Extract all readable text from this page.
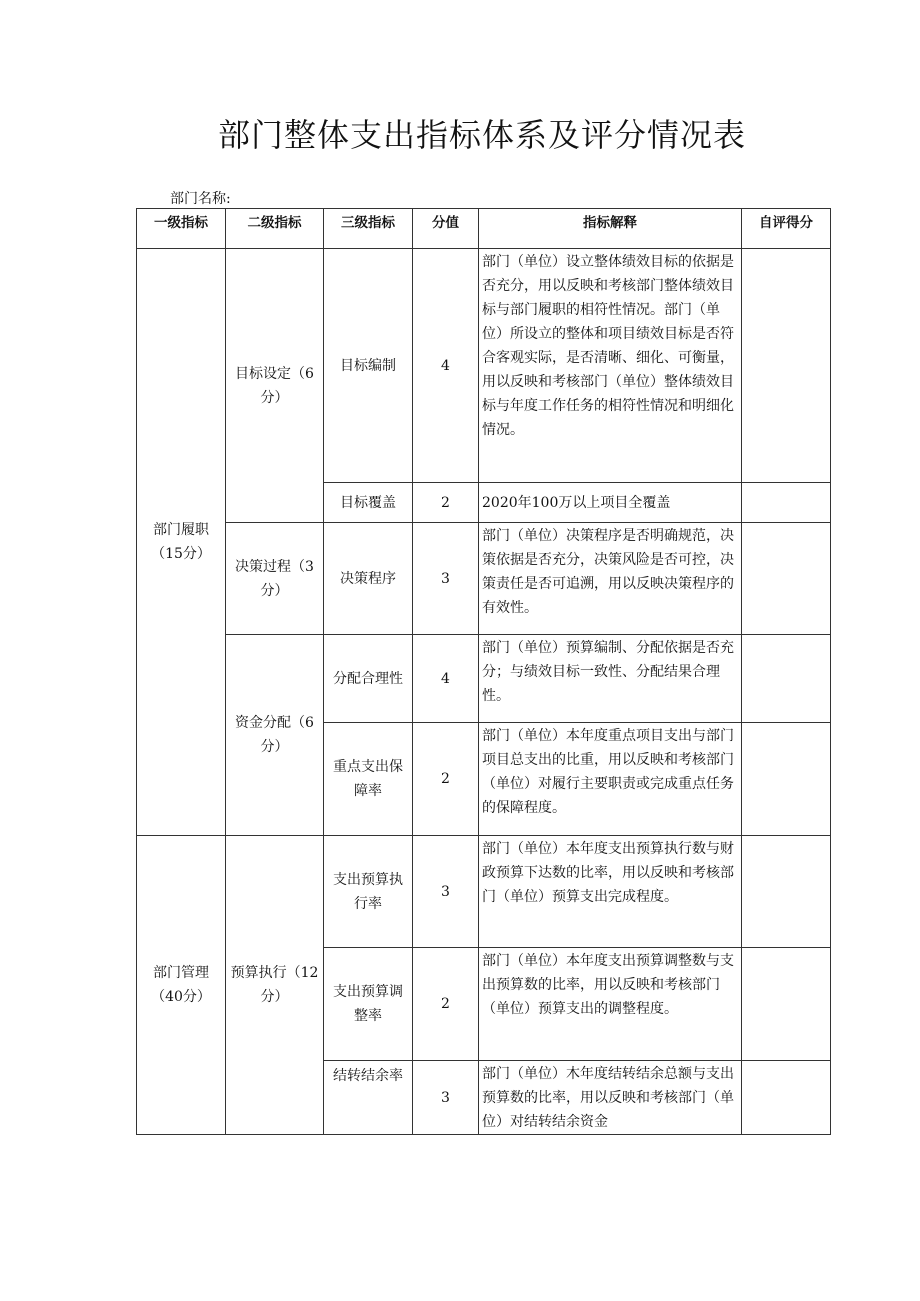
部门整体支出指标体系及评分情况表
部门名称:
一级指标	二级指标	三级指标	分值	指标解释	自评得分
部门履职（15分）	目标设定（6分）	目标编制	4	部门（单位）设立整体绩效目标的依据是否充分，用以反映和考核部门整体绩效目标与部门履职的相符性情况。部门（单位）所设立的整体和项目绩效目标是否符合客观实际，是否清晰、细化、可衡量，用以反映和考核部门（单位）整体绩效目标与年度工作任务的相符性情况和明细化情况。	
		目标覆盖	2	2020年100万以上项目全覆盖	
	决策过程（3分）	决策程序	3	部门（单位）决策程序是否明确规范，决策依据是否充分，决策风险是否可控，决策责任是否可追溯，用以反映决策程序的有效性。	
	资金分配（6分）	分配合理性	4	部门（单位）预算编制、分配依据是否充分；与绩效目标一致性、分配结果合理性。	
		重点支出保障率	2	部门（单位）本年度重点项目支出与部门项目总支出的比重，用以反映和考核部门（单位）对履行主要职责或完成重点任务的保障程度。	
部门管理（40分）	预算执行（12分）	支出预算执行率	3	部门（单位）本年度支出预算执行数与财政预算下达数的比率，用以反映和考核部门（单位）预算支出完成程度。	
		支出预算调整率	2	部门（单位）本年度支出预算调整数与支出预算数的比率，用以反映和考核部门（单位）预算支出的调整程度。	
		结转结余率	3	部门（单位）木年度结转结余总额与支出预算数的比率，用以反映和考核部门（单位）对结转结余资金	
